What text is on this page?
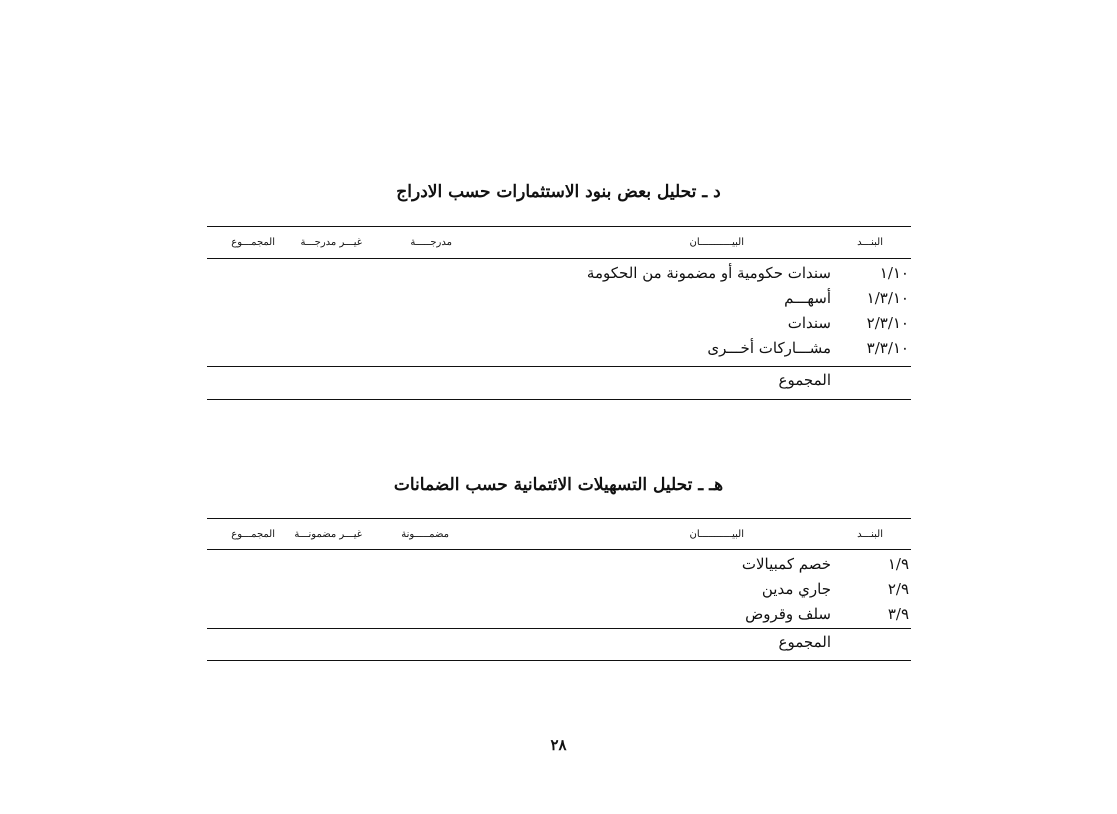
د ـ تحليل بعض بنود الاستثمارات حسب الادراج
البنـــد
البيـــــــــــان
مدرجـــــة
غيـــر مدرجـــة
المجمـــوع
١/١٠
سندات حكومية أو مضمونة من الحكومة
١/٣/١٠
أسهـــم
٢/٣/١٠
سندات
٣/٣/١٠
مشـــاركات أخـــرى
المجموع
هـ ـ تحليل التسهيلات الائتمانية حسب الضمانات
البنـــد
البيـــــــــــان
مضمـــــونة
غيـــر مضمونـــة
المجمـــوع
١/٩
خصم كمبيالات
٢/٩
جاري مدين
٣/٩
سلف وقروض
المجموع
٢٨
